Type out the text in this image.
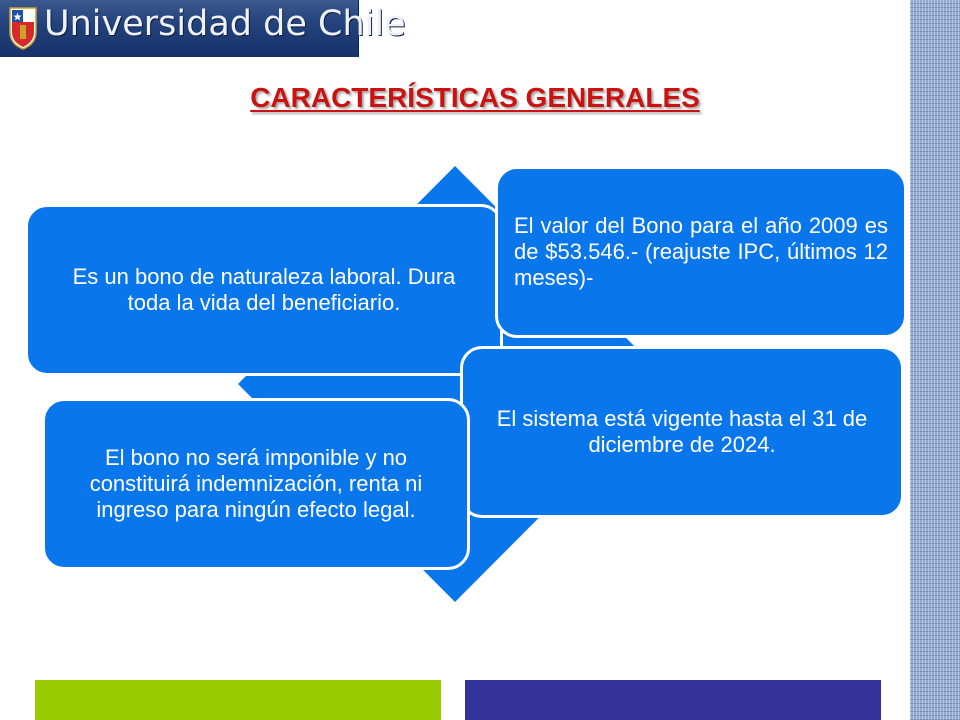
Universidad de Chile
CARACTERÍSTICAS GENERALES
Es un bono de naturaleza laboral. Dura toda la vida del beneficiario.
El valor del Bono para el año 2009 es de $53.546.- (reajuste IPC, últimos 12 meses)-
El sistema está vigente hasta el 31 de diciembre de 2024.
El bono no será imponible y no constituirá indemnización, renta ni ingreso para ningún efecto legal.
